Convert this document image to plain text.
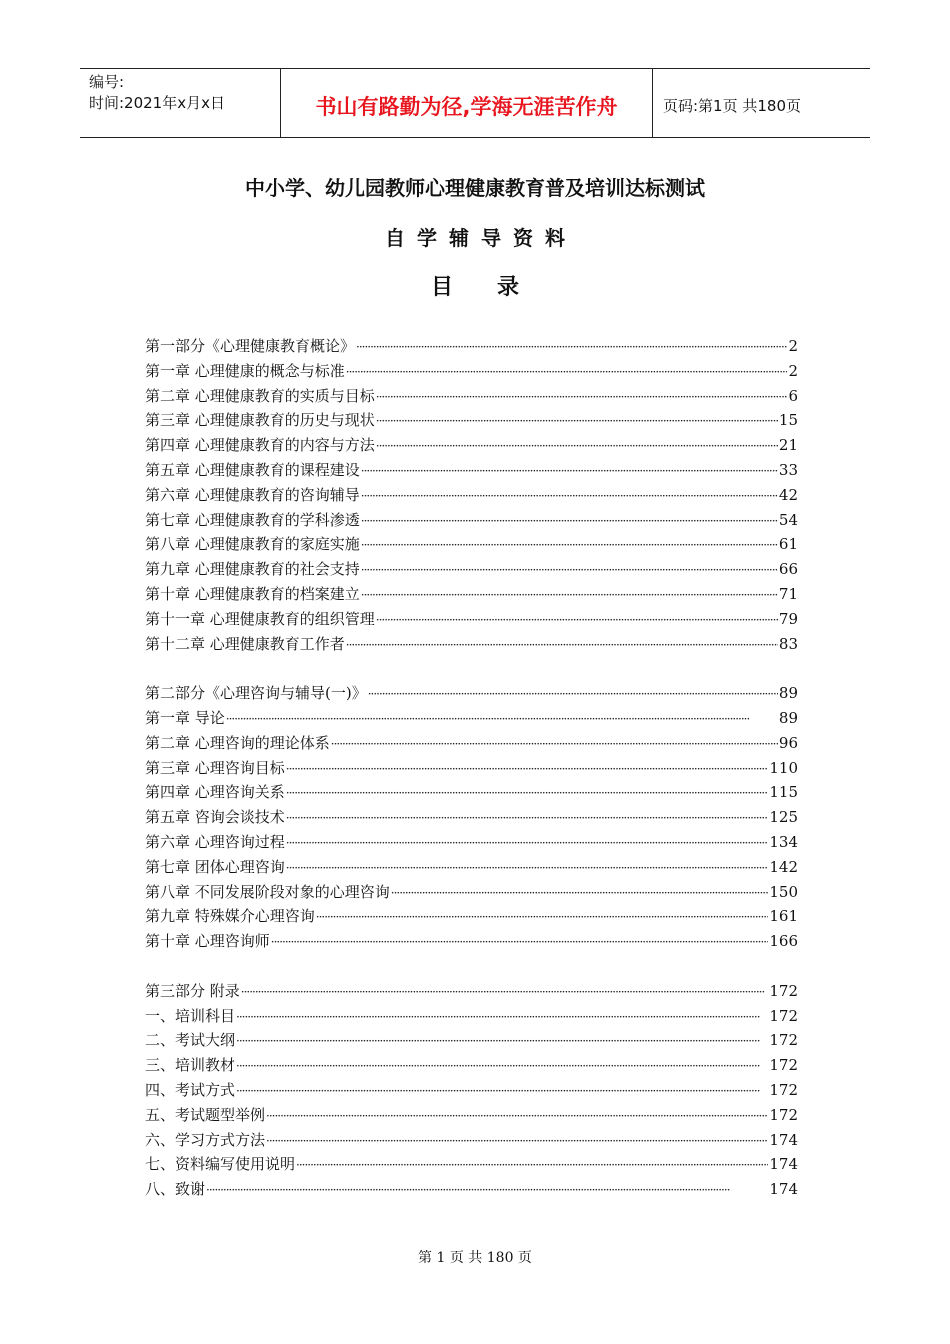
编号:
时间:2021年x月x日	书山有路勤为径,学海无涯苦作舟	页码:第1页 共180页
中小学、幼儿园教师心理健康教育普及培训达标测试
自学辅导资料
目录
第一部分《心理健康教育概论》 ·····	2
第一章 心理健康的概念与标准 ·····	2
第二章 心理健康教育的实质与目标 ·····	6
第三章 心理健康教育的历史与现状 ·····	15
第四章 心理健康教育的内容与方法 ·····	21
第五章 心理健康教育的课程建设 ·····	33
第六章 心理健康教育的咨询辅导 ·····	42
第七章 心理健康教育的学科渗透 ·····	54
第八章 心理健康教育的家庭实施 ·····	61
第九章 心理健康教育的社会支持 ·····	66
第十章 心理健康教育的档案建立 ·····	71
第十一章 心理健康教育的组织管理 ·····	79
第十二章 心理健康教育工作者 ·····	83
第二部分《心理咨询与辅导(一)》 ·····	89
第一章 导论 ·····	89
第二章 心理咨询的理论体系 ·····	96
第三章 心理咨询目标 ·····	110
第四章 心理咨询关系 ·····	115
第五章 咨询会谈技术 ·····	125
第六章 心理咨询过程 ·····	134
第七章 团体心理咨询 ·····	142
第八章 不同发展阶段对象的心理咨询 ·····	150
第九章 特殊媒介心理咨询 ·····	161
第十章 心理咨询师 ·····	166
第三部分 附录 ·····	172
一、培训科目 ·····	172
二、考试大纲 ·····	172
三、培训教材 ·····	172
四、考试方式 ·····	172
五、考试题型举例 ·····	172
六、学习方式方法 ·····	174
七、资料编写使用说明 ·····	174
八、致谢 ·····	174
第 1 页 共 180 页
